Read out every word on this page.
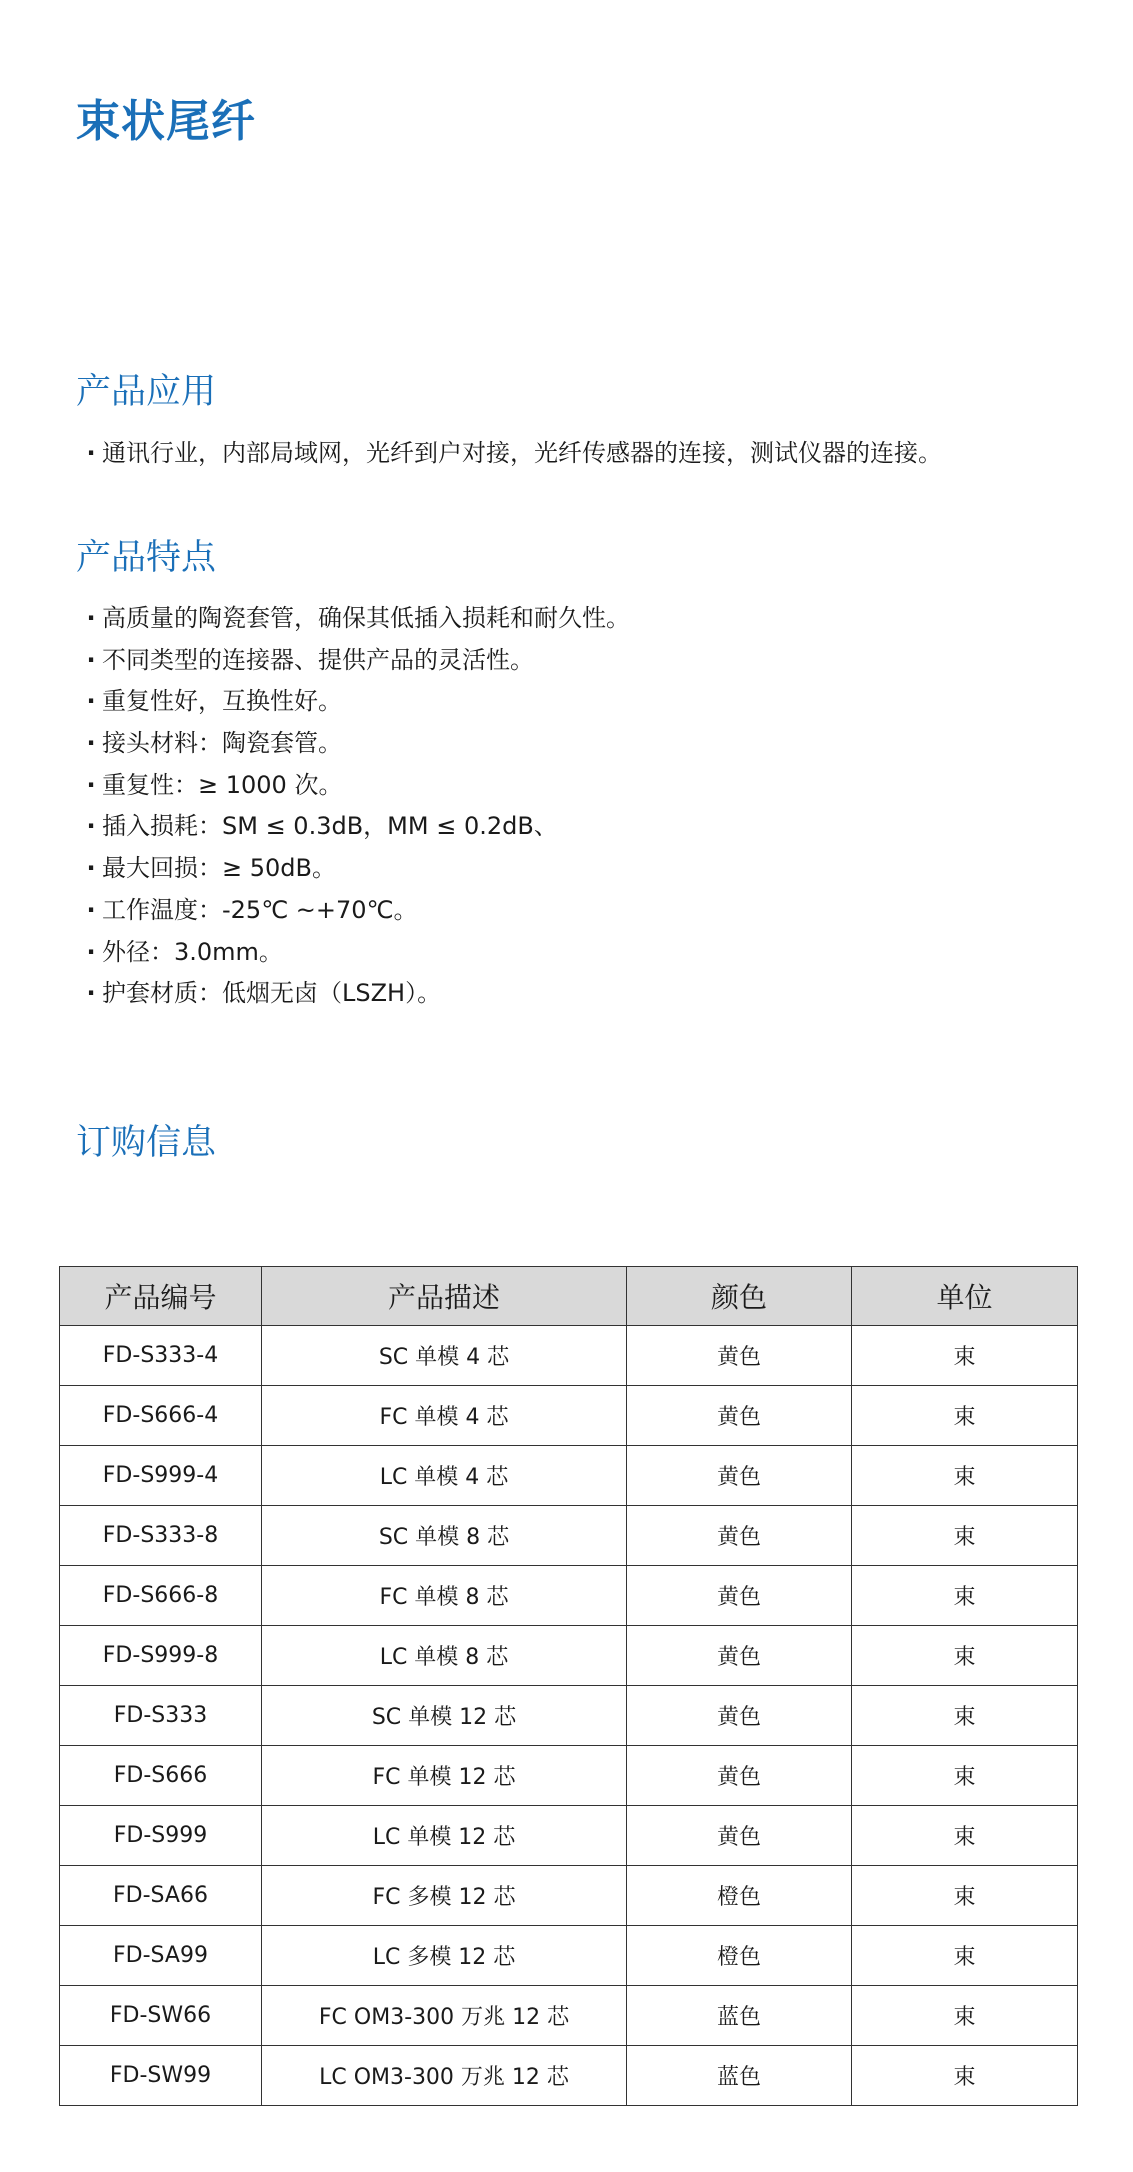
束状尾纤
产品应用
· 通讯行业，内部局域网，光纤到户对接，光纤传感器的连接，测试仪器的连接。
产品特点
· 高质量的陶瓷套管，确保其低插入损耗和耐久性。
· 不同类型的连接器、提供产品的灵活性。
· 重复性好，互换性好。
· 接头材料：陶瓷套管。
· 重复性：≥ 1000 次。
· 插入损耗：SM ≤ 0.3dB，MM ≤ 0.2dB、
· 最大回损：≥ 50dB。
· 工作温度：-25℃ ~+70℃。
· 外径：3.0mm。
· 护套材质：低烟无卤（LSZH）。
订购信息
产品编号	产品描述	颜色	单位
FD-S333-4	SC 单模 4 芯	黄色	束
FD-S666-4	FC 单模 4 芯	黄色	束
FD-S999-4	LC 单模 4 芯	黄色	束
FD-S333-8	SC 单模 8 芯	黄色	束
FD-S666-8	FC 单模 8 芯	黄色	束
FD-S999-8	LC 单模 8 芯	黄色	束
FD-S333	SC 单模 12 芯	黄色	束
FD-S666	FC 单模 12 芯	黄色	束
FD-S999	LC 单模 12 芯	黄色	束
FD-SA66	FC 多模 12 芯	橙色	束
FD-SA99	LC 多模 12 芯	橙色	束
FD-SW66	FC OM3-300 万兆 12 芯	蓝色	束
FD-SW99	LC OM3-300 万兆 12 芯	蓝色	束
